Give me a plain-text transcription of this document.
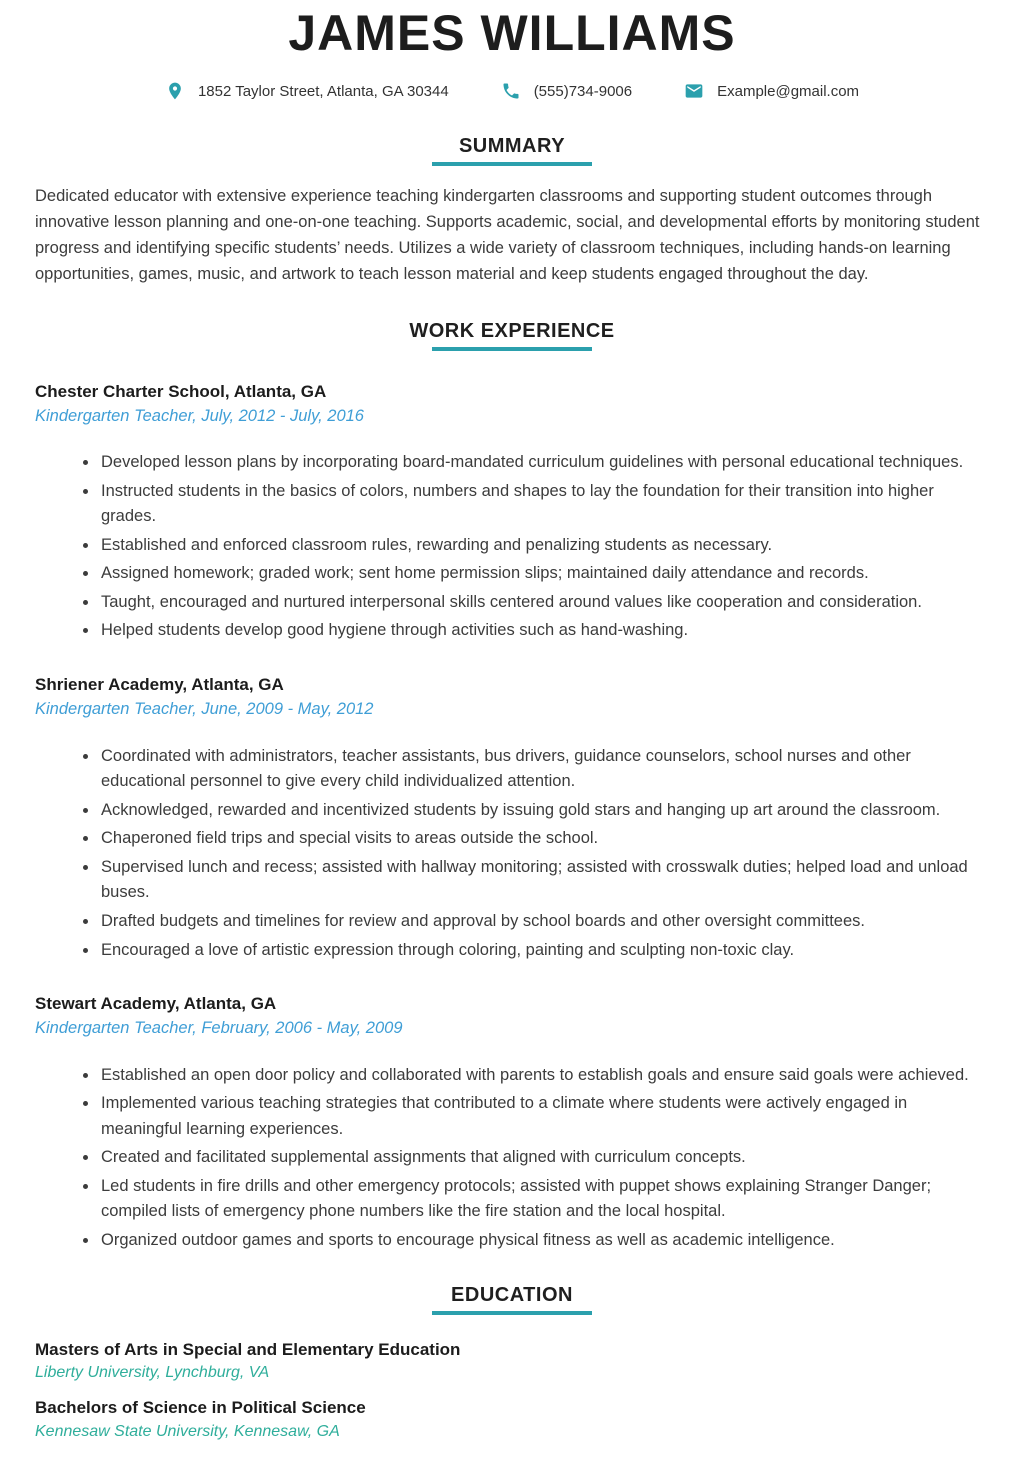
JAMES WILLIAMS
1852 Taylor Street, Atlanta, GA 30344	(555)734-9006	Example@gmail.com
SUMMARY

Dedicated educator with extensive experience teaching kindergarten classrooms and supporting student outcomes through innovative lesson planning and one-on-one teaching. Supports academic, social, and developmental efforts by monitoring student progress and identifying specific students’ needs. Utilizes a wide variety of classroom techniques, including hands-on learning opportunities, games, music, and artwork to teach lesson material and keep students engaged throughout the day.

WORK EXPERIENCE
Chester Charter School, Atlanta, GA
Kindergarten Teacher, July, 2012 - July, 2016
• Developed lesson plans by incorporating board-mandated curriculum guidelines with personal educational techniques.
• Instructed students in the basics of colors, numbers and shapes to lay the foundation for their transition into higher grades.
• Established and enforced classroom rules, rewarding and penalizing students as necessary.
• Assigned homework; graded work; sent home permission slips; maintained daily attendance and records.
• Taught, encouraged and nurtured interpersonal skills centered around values like cooperation and consideration.
• Helped students develop good hygiene through activities such as hand-washing.
Shriener Academy, Atlanta, GA
Kindergarten Teacher, June, 2009 - May, 2012
• Coordinated with administrators, teacher assistants, bus drivers, guidance counselors, school nurses and other educational personnel to give every child individualized attention.
• Acknowledged, rewarded and incentivized students by issuing gold stars and hanging up art around the classroom.
• Chaperoned field trips and special visits to areas outside the school.
• Supervised lunch and recess; assisted with hallway monitoring; assisted with crosswalk duties; helped load and unload buses.
• Drafted budgets and timelines for review and approval by school boards and other oversight committees.
• Encouraged a love of artistic expression through coloring, painting and sculpting non-toxic clay.
Stewart Academy, Atlanta, GA
Kindergarten Teacher, February, 2006 - May, 2009
• Established an open door policy and collaborated with parents to establish goals and ensure said goals were achieved.
• Implemented various teaching strategies that contributed to a climate where students were actively engaged in meaningful learning experiences.
• Created and facilitated supplemental assignments that aligned with curriculum concepts.
• Led students in fire drills and other emergency protocols; assisted with puppet shows explaining Stranger Danger; compiled lists of emergency phone numbers like the fire station and the local hospital.
• Organized outdoor games and sports to encourage physical fitness as well as academic intelligence.
EDUCATION
Masters of Arts in Special and Elementary Education
Liberty University, Lynchburg, VA
Bachelors of Science in Political Science
Kennesaw State University, Kennesaw, GA
